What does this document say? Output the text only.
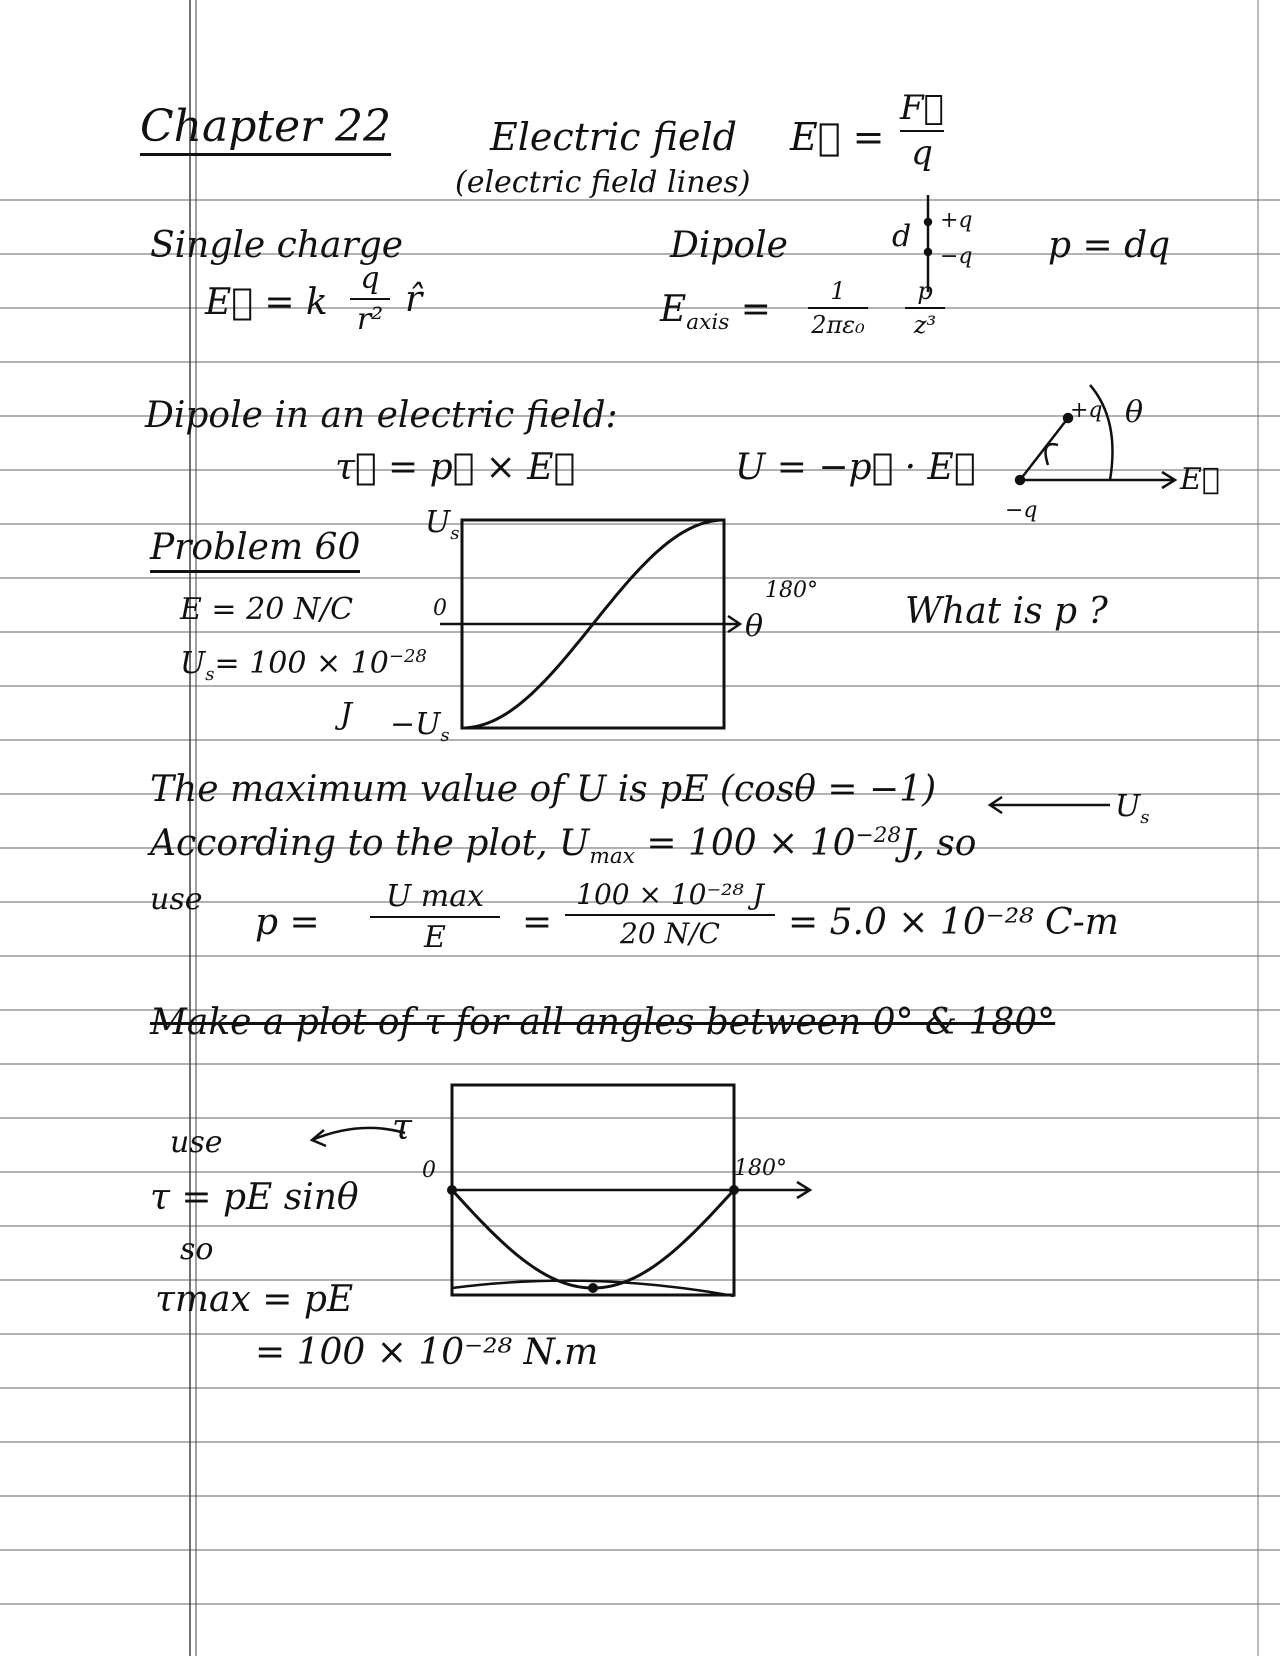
Chapter 22	Electric field E⃗ =
F⃗
q
(electric field lines)
Single charge
E⃗ = k
q
r² r̂
Dipole	d +q
−q p = dq
$E_{axis}$ =	1
2πε₀
p
z³
Dipole in an electric field:
τ⃗ = p⃗ × E⃗	U = −p⃗ · E⃗
+q
−q
θ
E⃗
Problem 60
E = 20 N/C
$U_s= 100 \times 10^{-28}$
J
$U_s$
0
$-U_s$
180°
θ	What is p ?
The maximum value of U is pE (cosθ = −1)
According to the plot, $U_{max} = 100 \times 10^{-28}J$, so
$U_s$
use
p =
U max
E	=
100 × 10⁻²⁸ J
20 N/C	= 5.0 × 10⁻²⁸ C-m
Make a plot of τ for all angles between 0° & 180°
τ
use
τ = pE sinθ
so
τmax = pE
= 100 × 10⁻²⁸ N.m
0	180°
